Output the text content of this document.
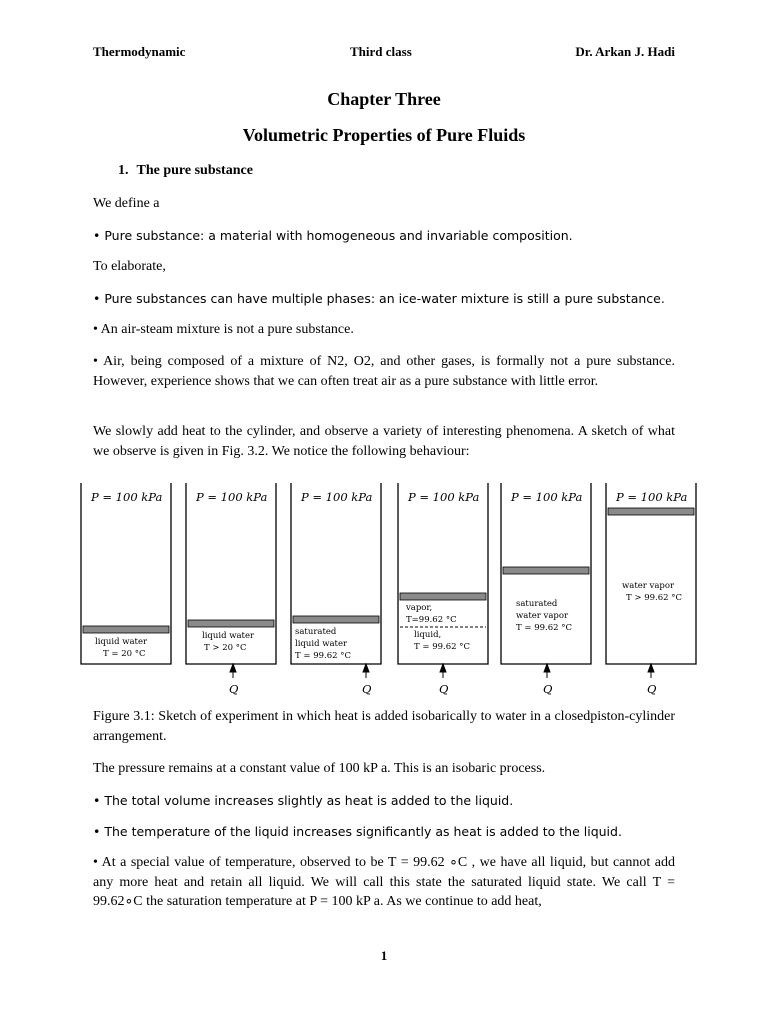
Thermodynamic	Third class	Dr. Arkan J. Hadi
Chapter Three
Volumetric Properties of Pure Fluids
1. The pure substance
We define a
• Pure substance: a material with homogeneous and invariable composition.
To elaborate,
• Pure substances can have multiple phases: an ice-water mixture is still a pure substance.
• An air-steam mixture is not a pure substance.
• Air, being composed of a mixture of N2, O2, and other gases, is formally not a pure substance. However, experience shows that we can often treat air as a pure substance with little error.
We slowly add heat to the cylinder, and observe a variety of interesting phenomena. A sketch of what we observe is given in Fig. 3.2. We notice the following behaviour:
P = 100 kPa	P = 100 kPa	P = 100 kPa	P = 100 kPa	P = 100 kPa	P = 100 kPa
liquid water
T = 20 °C
liquid water
T > 20 °C
saturated
liquid water
T = 99.62 °C
vapor,
T=99.62 °C
liquid,
T = 99.62 °C
saturated
water vapor
T = 99.62 °C
water vapor
T > 99.62 °C
Q	Q	Q	Q	Q
Figure 3.1: Sketch of experiment in which heat is added isobarically to water in a closedpiston-cylinder arrangement.
The pressure remains at a constant value of 100 kP a. This is an isobaric process.
• The total volume increases slightly as heat is added to the liquid.
• The temperature of the liquid increases significantly as heat is added to the liquid.
• At a special value of temperature, observed to be T = 99.62 ∘C , we have all liquid, but cannot add any more heat and retain all liquid. We will call this state the saturated liquid state. We call T = 99.62∘C the saturation temperature at P = 100 kP a. As we continue to add heat,
1
